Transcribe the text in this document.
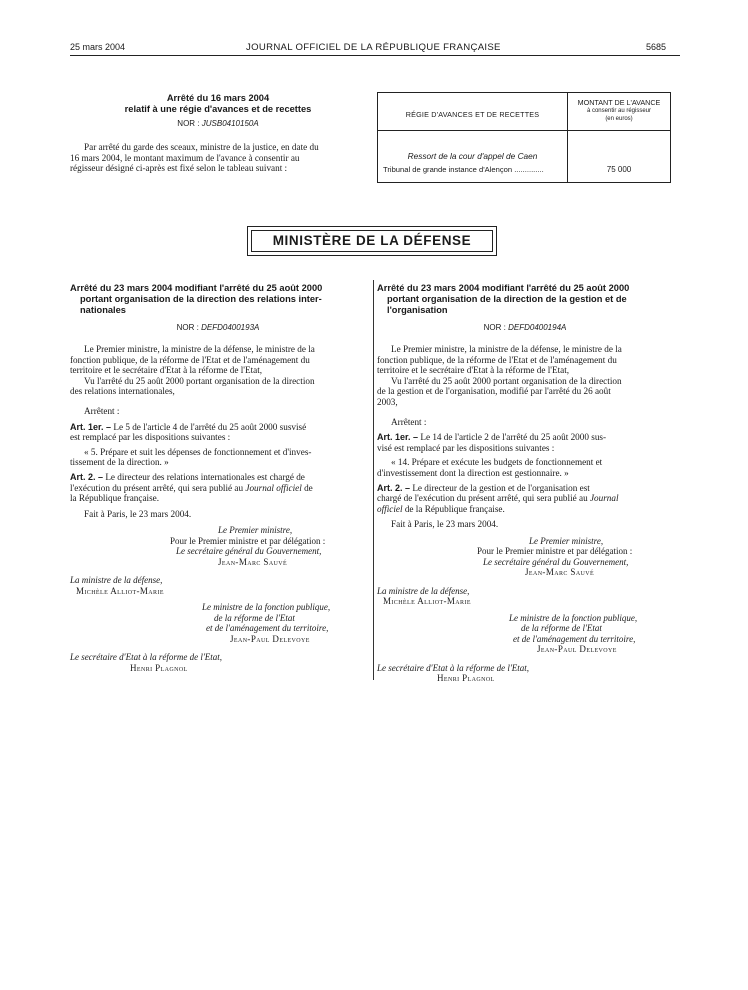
25 mars 2004	JOURNAL OFFICIEL DE LA RÉPUBLIQUE FRANÇAISE	5685
Arrêté du 16 mars 2004
relatif à une régie d'avances et de recettes
NOR : JUSB0410150A
Par arrêté du garde des sceaux, ministre de la justice, en date du
16 mars 2004, le montant maximum de l'avance à consentir au
régisseur désigné ci-après est fixé selon le tableau suivant :
RÉGIE D'AVANCES ET DE RECETTES
MONTANT DE L'AVANCE
à consentir au régisseur
(en euros)
Ressort de la cour d'appel de Caen
Tribunal de grande instance d'Alençon ..............	75 000
MINISTÈRE DE LA DÉFENSE
Arrêté du 23 mars 2004 modifiant l'arrêté du 25 août 2000
portant organisation de la direction des relations inter-
nationales
NOR : DEFD0400193A
Le Premier ministre, la ministre de la défense, le ministre de la
fonction publique, de la réforme de l'Etat et de l'aménagement du
territoire et le secrétaire d'Etat à la réforme de l'Etat,
Vu l'arrêté du 25 août 2000 portant organisation de la direction
des relations internationales,
Arrêtent :
Art. 1er. – Le 5 de l'article 4 de l'arrêté du 25 août 2000 susvisé
est remplacé par les dispositions suivantes :
« 5. Prépare et suit les dépenses de fonctionnement et d'inves-
tissement de la direction. »
Art. 2. – Le directeur des relations internationales est chargé de
l'exécution du présent arrêté, qui sera publié au Journal officiel de
la République française.
Fait à Paris, le 23 mars 2004.
Le Premier ministre,
Pour le Premier ministre et par délégation :
Le secrétaire général du Gouvernement,
Jean-Marc Sauvé
La ministre de la défense,
Michèle Alliot-Marie
Le ministre de la fonction publique,
de la réforme de l'Etat
et de l'aménagement du territoire,
Jean-Paul Delevoye
Le secrétaire d'Etat à la réforme de l'Etat,
Henri Plagnol
Arrêté du 23 mars 2004 modifiant l'arrêté du 25 août 2000
portant organisation de la direction de la gestion et de
l'organisation
NOR : DEFD0400194A
Le Premier ministre, la ministre de la défense, le ministre de la
fonction publique, de la réforme de l'Etat et de l'aménagement du
territoire et le secrétaire d'Etat à la réforme de l'Etat,
Vu l'arrêté du 25 août 2000 portant organisation de la direction
de la gestion et de l'organisation, modifié par l'arrêté du 26 août
2003,
Arrêtent :
Art. 1er. – Le 14 de l'article 2 de l'arrêté du 25 août 2000 sus-
visé est remplacé par les dispositions suivantes :
« 14. Prépare et exécute les budgets de fonctionnement et
d'investissement dont la direction est gestionnaire. »
Art. 2. – Le directeur de la gestion et de l'organisation est
chargé de l'exécution du présent arrêté, qui sera publié au Journal
officiel de la République française.
Fait à Paris, le 23 mars 2004.
Le Premier ministre,
Pour le Premier ministre et par délégation :
Le secrétaire général du Gouvernement,
Jean-Marc Sauvé
La ministre de la défense,
Michèle Alliot-Marie
Le ministre de la fonction publique,
de la réforme de l'Etat
et de l'aménagement du territoire,
Jean-Paul Delevoye
Le secrétaire d'Etat à la réforme de l'Etat,
Henri Plagnol
